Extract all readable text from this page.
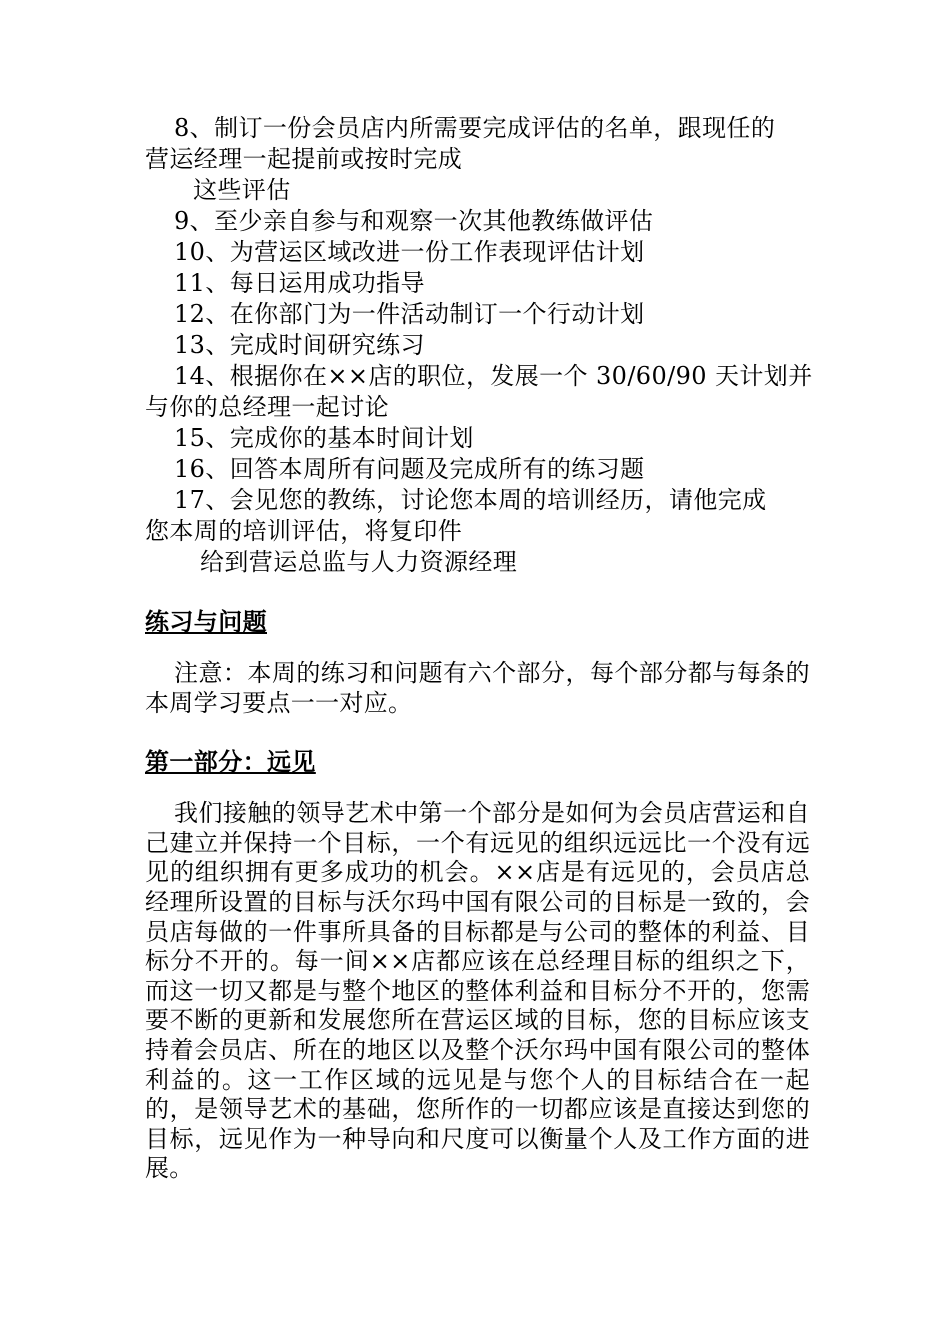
8、制订一份会员店内所需要完成评估的名单，跟现任的
营运经理一起提前或按时完成
这些评估
9、至少亲自参与和观察一次其他教练做评估
10、为营运区域改进一份工作表现评估计划
11、每日运用成功指导
12、在你部门为一件活动制订一个行动计划
13、完成时间研究练习
14、根据你在××店的职位，发展一个 30/60/90 天计划并
与你的总经理一起讨论
15、完成你的基本时间计划
16、回答本周所有问题及完成所有的练习题
17、会见您的教练，讨论您本周的培训经历，请他完成
您本周的培训评估，将复印件
给到营运总监与人力资源经理
练习与问题
注意：本周的练习和问题有六个部分，每个部分都与每条的本周学习要点一一对应。
第一部分：远见
我们接触的领导艺术中第一个部分是如何为会员店营运和自己建立并保持一个目标，一个有远见的组织远远比一个没有远见的组织拥有更多成功的机会。××店是有远见的，会员店总经理所设置的目标与沃尔玛中国有限公司的目标是一致的，会员店每做的一件事所具备的目标都是与公司的整体的利益、目标分不开的。每一间××店都应该在总经理目标的组织之下，而这一切又都是与整个地区的整体利益和目标分不开的，您需要不断的更新和发展您所在营运区域的目标，您的目标应该支持着会员店、所在的地区以及整个沃尔玛中国有限公司的整体利益的。这一工作区域的远见是与您个人的目标结合在一起的，是领导艺术的基础，您所作的一切都应该是直接达到您的目标，远见作为一种导向和尺度可以衡量个人及工作方面的进展。
